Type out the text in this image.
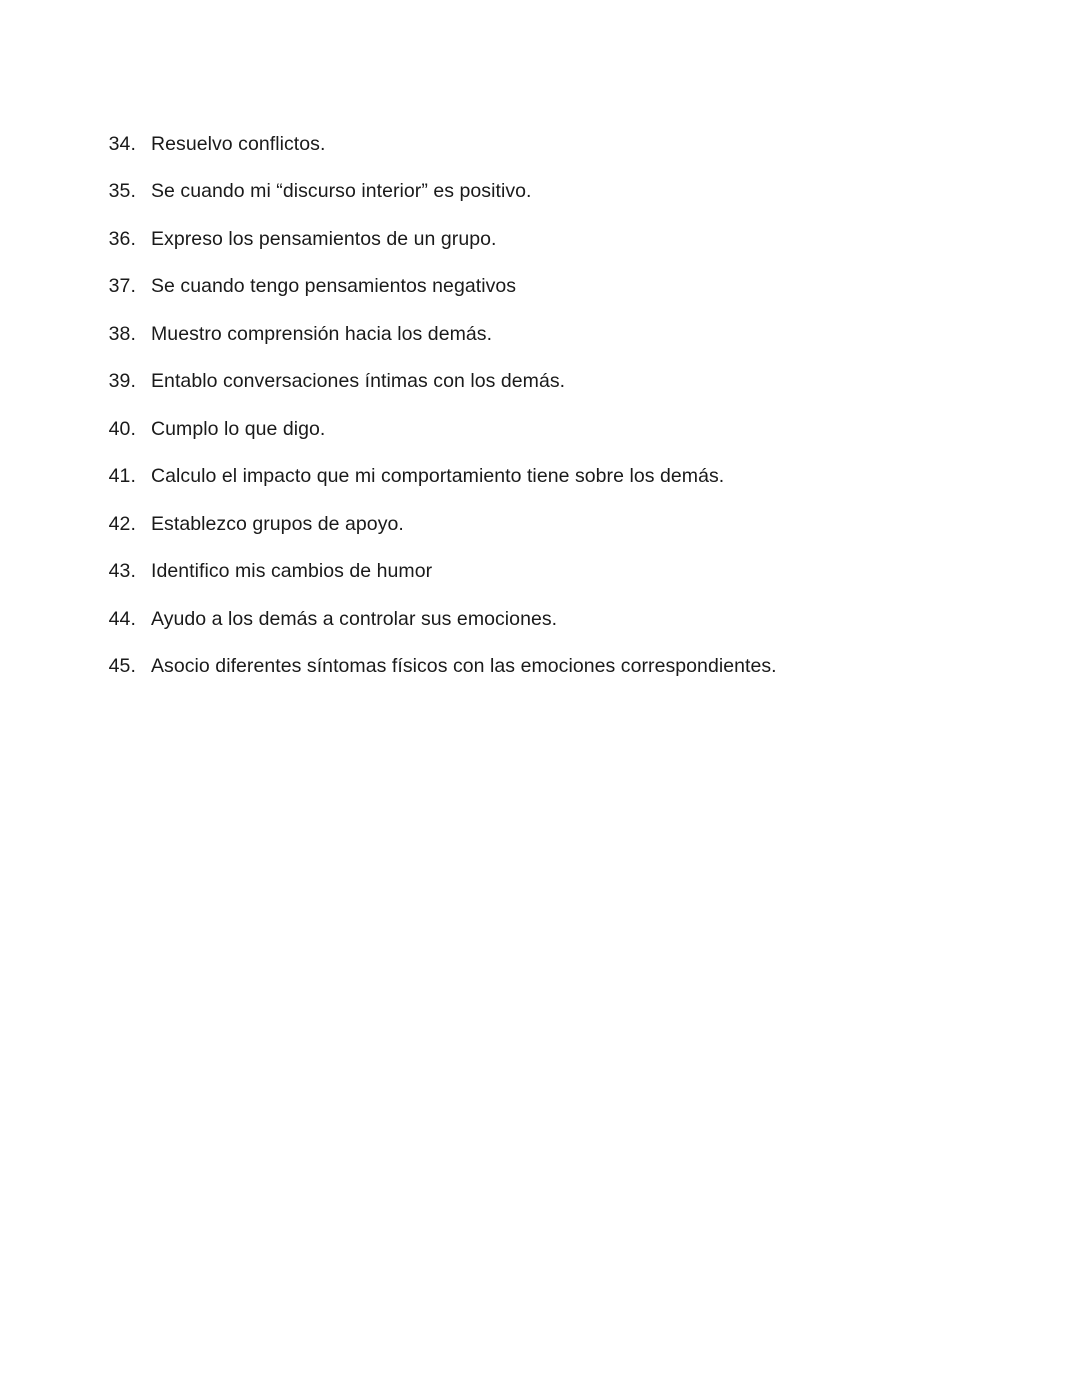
34. Resuelvo conflictos.
35. Se cuando mi “discurso interior” es positivo.
36. Expreso los pensamientos de un grupo.
37. Se cuando tengo pensamientos negativos
38. Muestro comprensión hacia los demás.
39. Entablo conversaciones íntimas con los demás.
40. Cumplo lo que digo.
41. Calculo el impacto que mi comportamiento tiene sobre los demás.
42. Establezco grupos de apoyo.
43. Identifico mis cambios de humor
44. Ayudo a los demás a controlar sus emociones.
45. Asocio diferentes síntomas físicos con las emociones correspondientes.
